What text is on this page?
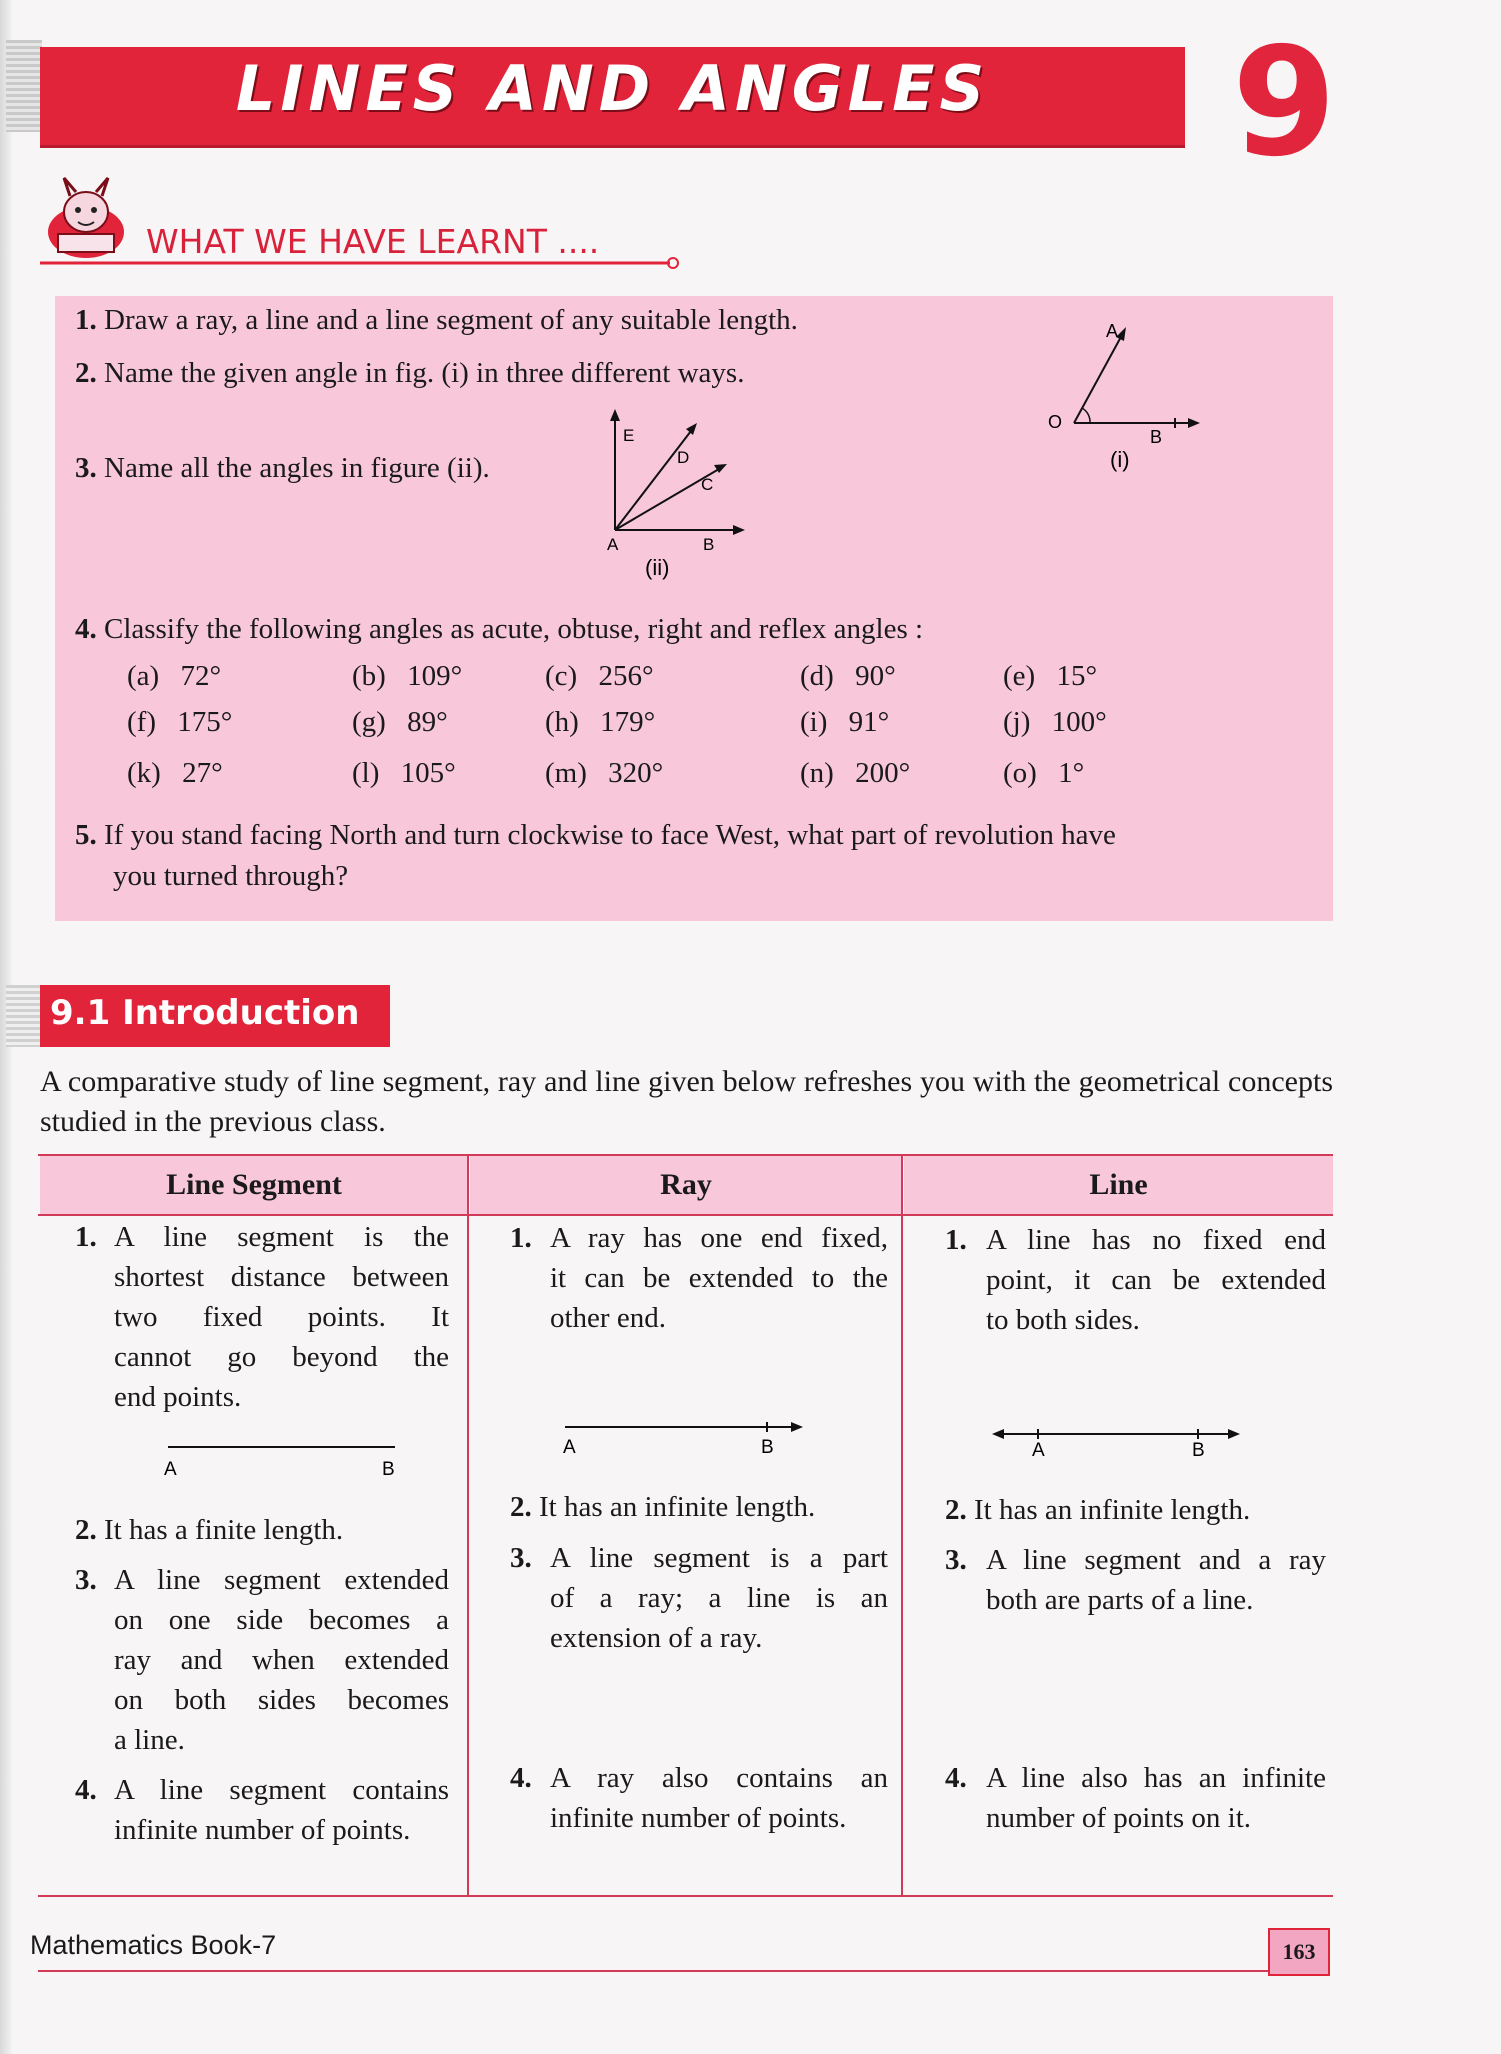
LINES AND ANGLES	9
WHAT WE HAVE LEARNT ....
1. Draw a ray, a line and a line segment of any suitable length.
2. Name the given angle in fig. (i) in three different ways.
3. Name all the angles in figure (ii).
A
O
B
(i)
E
D
C
A	B
(ii)
4. Classify the following angles as acute, obtuse, right and reflex angles :
(a) 72°	(b) 109°	(c) 256°	(d) 90°	(e) 15°
(f) 175°	(g) 89°	(h) 179°	(i) 91°	(j) 100°
(k) 27°	(l) 105°	(m) 320°	(n) 200°	(o) 1°
5. If you stand facing North and turn clockwise to face West, what part of revolution have
you turned through?
9.1 Introduction
A comparative study of line segment, ray and line given below refreshes you with the geometrical concepts studied in the previous class.
Line Segment	Ray	Line
1. A line segment is the
shortest distance between
two fixed points. It
cannot go beyond the
end points.
A	B
2. It has a finite length.
3. A line segment extended
on one side becomes a
ray and when extended
on both sides becomes
a line.
4. A line segment contains
infinite number of points.
1. A ray has one end fixed,
it can be extended to the
other end.
A	B
2. It has an infinite length.
3. A line segment is a part
of a ray; a line is an
extension of a ray.
4. A ray also contains an
infinite number of points.
1. A line has no fixed end
point, it can be extended
to both sides.
A	B
2. It has an infinite length.
3. A line segment and a ray
both are parts of a line.
4. A line also has an infinite
number of points on it.
Mathematics Book-7	163
